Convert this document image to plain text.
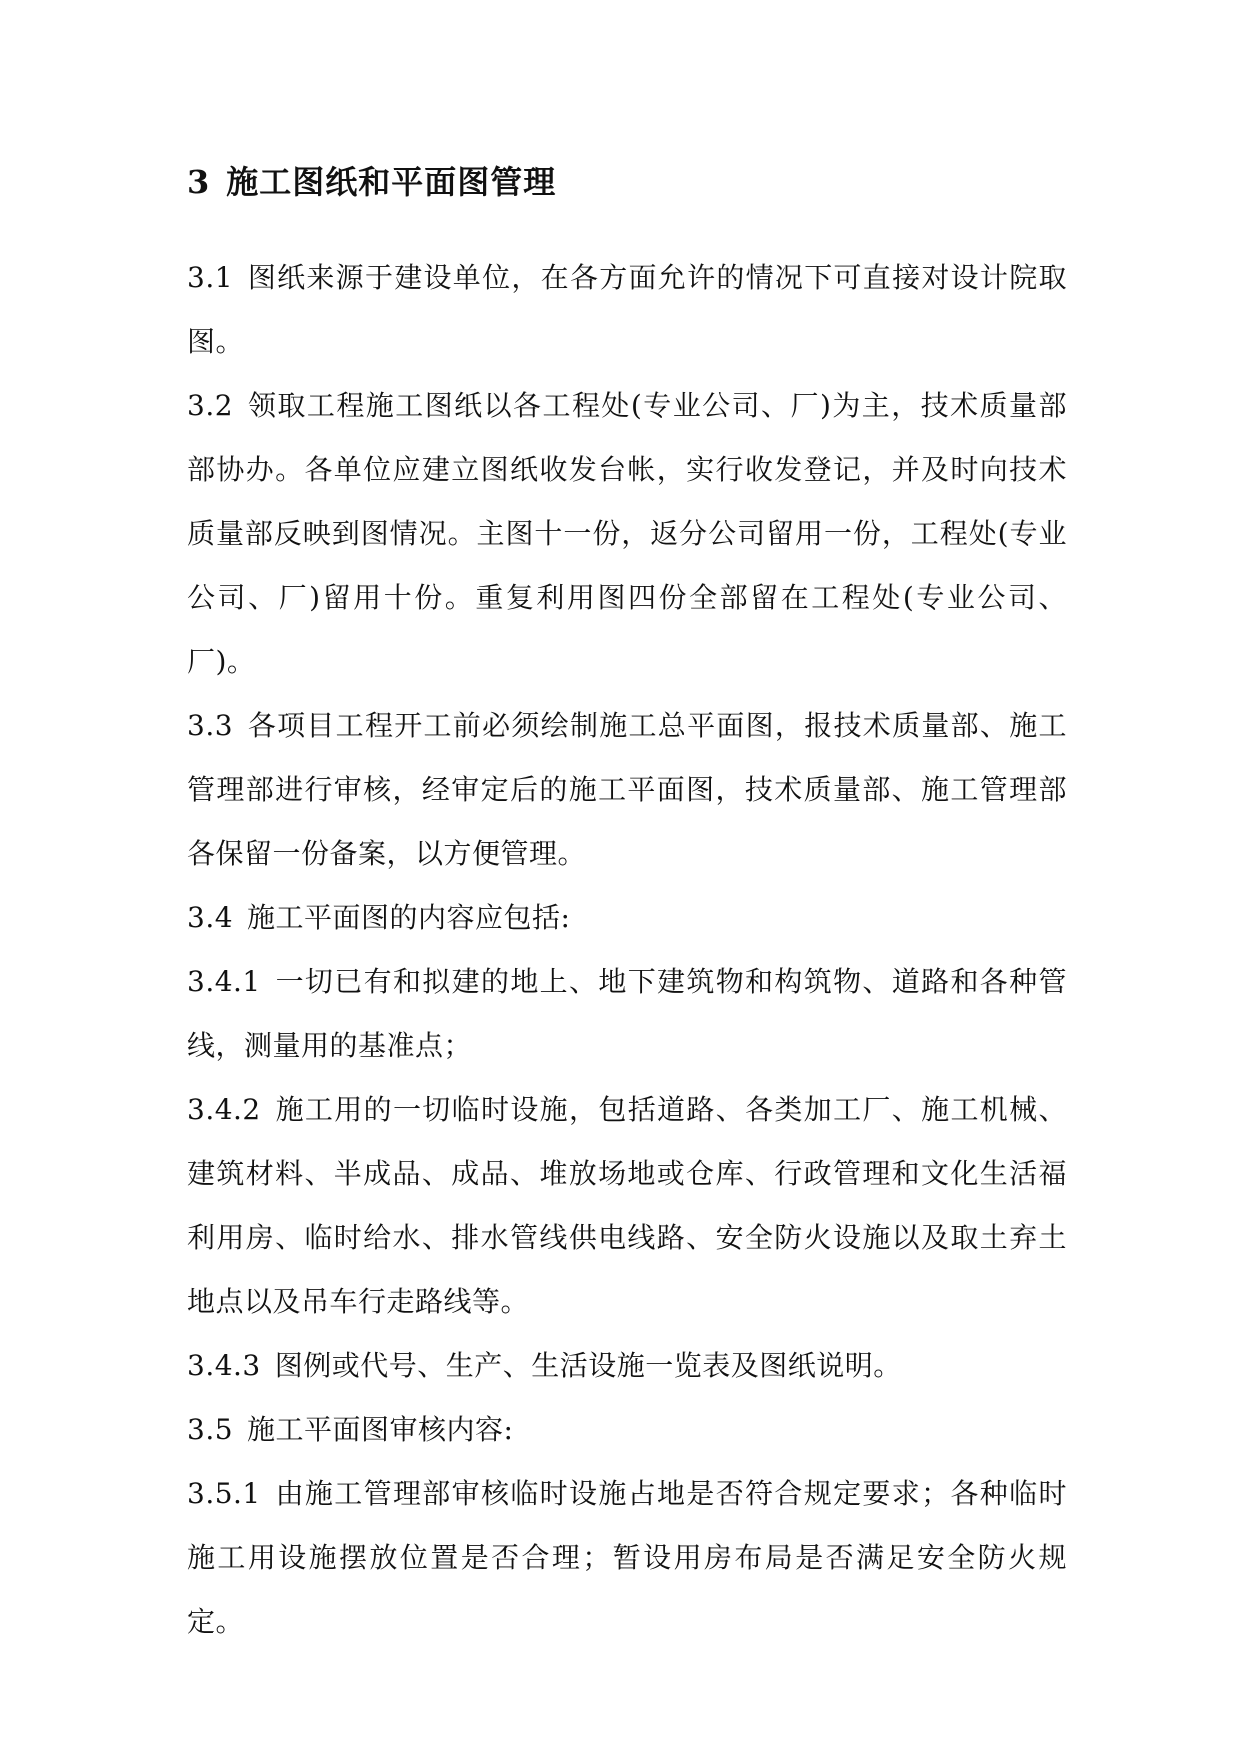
3 施工图纸和平面图管理

3.1 图纸来源于建设单位，在各方面允许的情况下可直接对设计院取图。

3.2 领取工程施工图纸以各工程处(专业公司、厂)为主，技术质量部部协办。各单位应建立图纸收发台帐，实行收发登记，并及时向技术质量部反映到图情况。主图十一份，返分公司留用一份，工程处(专业公司、厂)留用十份。重复利用图四份全部留在工程处(专业公司、厂)。

3.3 各项目工程开工前必须绘制施工总平面图，报技术质量部、施工管理部进行审核，经审定后的施工平面图，技术质量部、施工管理部各保留一份备案，以方便管理。

3.4 施工平面图的内容应包括:

3.4.1 一切已有和拟建的地上、地下建筑物和构筑物、道路和各种管线，测量用的基准点；

3.4.2 施工用的一切临时设施，包括道路、各类加工厂、施工机械、建筑材料、半成品、成品、堆放场地或仓库、行政管理和文化生活福利用房、临时给水、排水管线供电线路、安全防火设施以及取土弃土地点以及吊车行走路线等。

3.4.3 图例或代号、生产、生活设施一览表及图纸说明。

3.5 施工平面图审核内容:

3.5.1 由施工管理部审核临时设施占地是否符合规定要求；各种临时施工用设施摆放位置是否合理；暂设用房布局是否满足安全防火规定。
